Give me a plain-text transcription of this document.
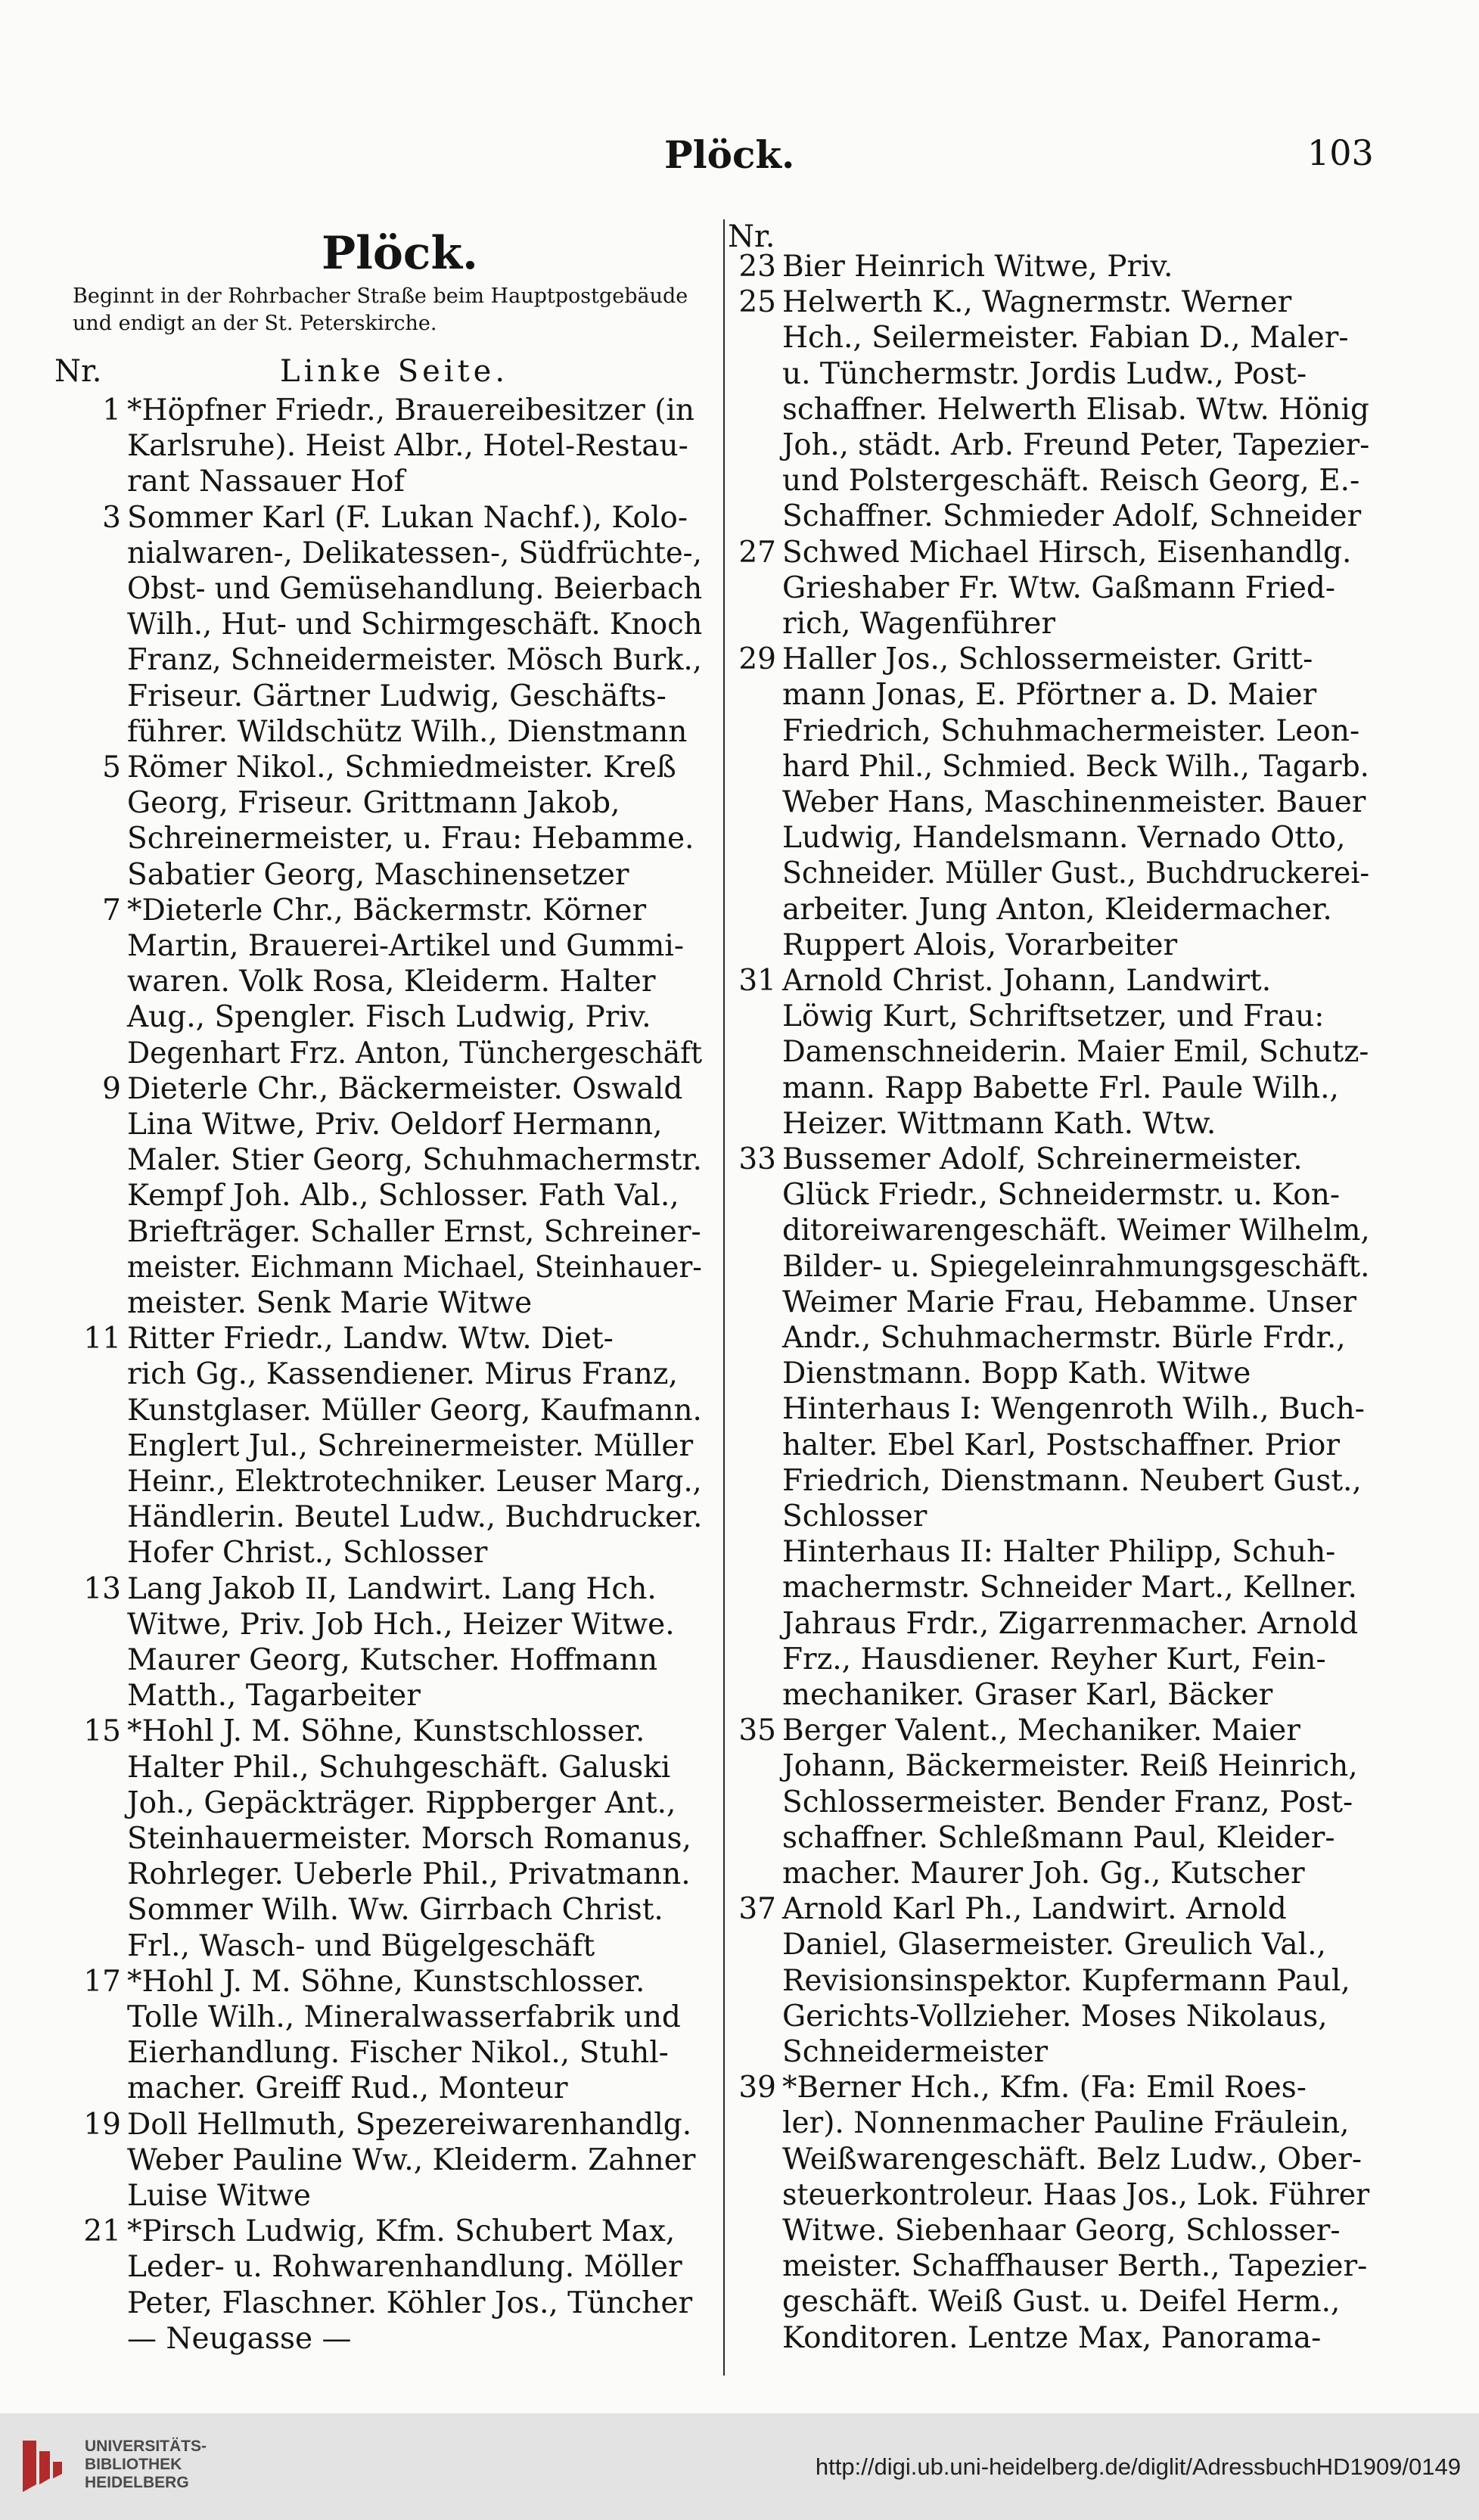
Plöck.	103
Plöck.
Beginnt in der Rohrbacher Straße beim Hauptpostgebäude und endigt an der St. Peterskirche.
Nr.	Linke Seite.
Nr.
1 *Höpfner Friedr., Brauereibesitzer (in
Karlsruhe). Heist Albr., Hotel-Restau-
rant Nassauer Hof
3 Sommer Karl (F. Lukan Nachf.), Kolo-
nialwaren-, Delikatessen-, Südfrüchte-,
Obst- und Gemüsehandlung. Beierbach
Wilh., Hut- und Schirmgeschäft. Knoch
Franz, Schneidermeister. Mösch Burk.,
Friseur. Gärtner Ludwig, Geschäfts-
führer. Wildschütz Wilh., Dienstmann
5 Römer Nikol., Schmiedmeister. Kreß
Georg, Friseur. Grittmann Jakob,
Schreinermeister, u. Frau: Hebamme.
Sabatier Georg, Maschinensetzer
7 *Dieterle Chr., Bäckermstr. Körner
Martin, Brauerei-Artikel und Gummi-
waren. Volk Rosa, Kleiderm. Halter
Aug., Spengler. Fisch Ludwig, Priv.
Degenhart Frz. Anton, Tünchergeschäft
9 Dieterle Chr., Bäckermeister. Oswald
Lina Witwe, Priv. Oeldorf Hermann,
Maler. Stier Georg, Schuhmachermstr.
Kempf Joh. Alb., Schlosser. Fath Val.,
Briefträger. Schaller Ernst, Schreiner-
meister. Eichmann Michael, Steinhauer-
meister. Senk Marie Witwe
11 Ritter Friedr., Landw. Wtw. Diet-
rich Gg., Kassendiener. Mirus Franz,
Kunstglaser. Müller Georg, Kaufmann.
Englert Jul., Schreinermeister. Müller
Heinr., Elektrotechniker. Leuser Marg.,
Händlerin. Beutel Ludw., Buchdrucker.
Hofer Christ., Schlosser
13 Lang Jakob II, Landwirt. Lang Hch.
Witwe, Priv. Job Hch., Heizer Witwe.
Maurer Georg, Kutscher. Hoffmann
Matth., Tagarbeiter
15 *Hohl J. M. Söhne, Kunstschlosser.
Halter Phil., Schuhgeschäft. Galuski
Joh., Gepäckträger. Rippberger Ant.,
Steinhauermeister. Morsch Romanus,
Rohrleger. Ueberle Phil., Privatmann.
Sommer Wilh. Ww. Girrbach Christ.
Frl., Wasch- und Bügelgeschäft
17 *Hohl J. M. Söhne, Kunstschlosser.
Tolle Wilh., Mineralwasserfabrik und
Eierhandlung. Fischer Nikol., Stuhl-
macher. Greiff Rud., Monteur
19 Doll Hellmuth, Spezereiwarenhandlg.
Weber Pauline Ww., Kleiderm. Zahner
Luise Witwe
21 *Pirsch Ludwig, Kfm. Schubert Max,
Leder- u. Rohwarenhandlung. Möller
Peter, Flaschner. Köhler Jos., Tüncher
— Neugasse —
23 Bier Heinrich Witwe, Priv.
25 Helwerth K., Wagnermstr. Werner
Hch., Seilermeister. Fabian D., Maler-
u. Tünchermstr. Jordis Ludw., Post-
schaffner. Helwerth Elisab. Wtw. Hönig
Joh., städt. Arb. Freund Peter, Tapezier-
und Polstergeschäft. Reisch Georg, E.-
Schaffner. Schmieder Adolf, Schneider
27 Schwed Michael Hirsch, Eisenhandlg.
Grieshaber Fr. Wtw. Gaßmann Fried-
rich, Wagenführer
29 Haller Jos., Schlossermeister. Gritt-
mann Jonas, E. Pförtner a. D. Maier
Friedrich, Schuhmachermeister. Leon-
hard Phil., Schmied. Beck Wilh., Tagarb.
Weber Hans, Maschinenmeister. Bauer
Ludwig, Handelsmann. Vernado Otto,
Schneider. Müller Gust., Buchdruckerei-
arbeiter. Jung Anton, Kleidermacher.
Ruppert Alois, Vorarbeiter
31 Arnold Christ. Johann, Landwirt.
Löwig Kurt, Schriftsetzer, und Frau:
Damenschneiderin. Maier Emil, Schutz-
mann. Rapp Babette Frl. Paule Wilh.,
Heizer. Wittmann Kath. Wtw.
33 Bussemer Adolf, Schreinermeister.
Glück Friedr., Schneidermstr. u. Kon-
ditoreiwarengeschäft. Weimer Wilhelm,
Bilder- u. Spiegeleinrahmungsgeschäft.
Weimer Marie Frau, Hebamme. Unser
Andr., Schuhmachermstr. Bürle Frdr.,
Dienstmann. Bopp Kath. Witwe
Hinterhaus I: Wengenroth Wilh., Buch-
halter. Ebel Karl, Postschaffner. Prior
Friedrich, Dienstmann. Neubert Gust.,
Schlosser
Hinterhaus II: Halter Philipp, Schuh-
machermstr. Schneider Mart., Kellner.
Jahraus Frdr., Zigarrenmacher. Arnold
Frz., Hausdiener. Reyher Kurt, Fein-
mechaniker. Graser Karl, Bäcker
35 Berger Valent., Mechaniker. Maier
Johann, Bäckermeister. Reiß Heinrich,
Schlossermeister. Bender Franz, Post-
schaffner. Schleßmann Paul, Kleider-
macher. Maurer Joh. Gg., Kutscher
37 Arnold Karl Ph., Landwirt. Arnold
Daniel, Glasermeister. Greulich Val.,
Revisionsinspektor. Kupfermann Paul,
Gerichts-Vollzieher. Moses Nikolaus,
Schneidermeister
39 *Berner Hch., Kfm. (Fa: Emil Roes-
ler). Nonnenmacher Pauline Fräulein,
Weißwarengeschäft. Belz Ludw., Ober-
steuerkontroleur. Haas Jos., Lok. Führer
Witwe. Siebenhaar Georg, Schlosser-
meister. Schaffhauser Berth., Tapezier-
geschäft. Weiß Gust. u. Deifel Herm.,
Konditoren. Lentze Max, Panorama-
UNIVERSITÄTS-
BIBLIOTHEK
HEIDELBERG
http://digi.ub.uni-heidelberg.de/diglit/AdressbuchHD1909/0149
